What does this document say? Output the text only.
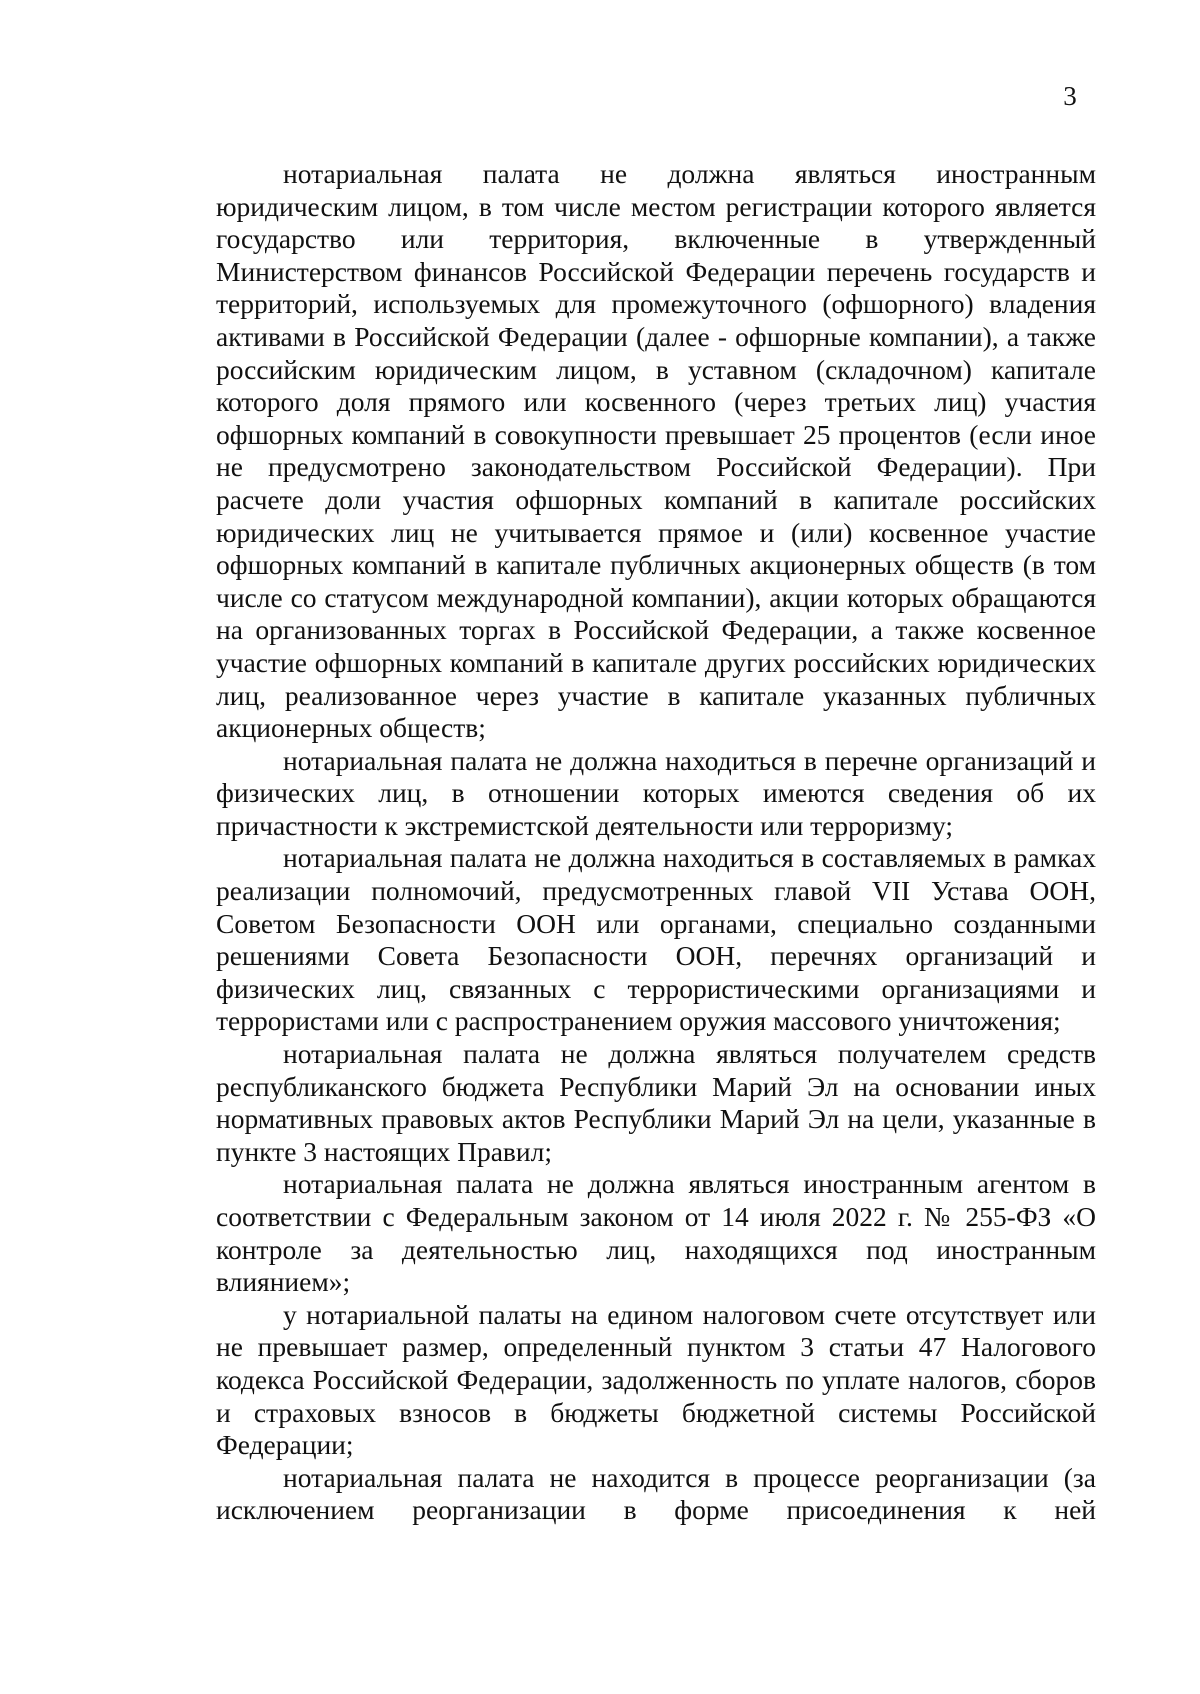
3

нотариальная палата не должна являться иностранным юридическим лицом, в том числе местом регистрации которого является государство или территория, включенные в утвержденный Министерством финансов Российской Федерации перечень государств и территорий, используемых для промежуточного (офшорного) владения активами в Российской Федерации (далее - офшорные компании), а также российским юридическим лицом, в уставном (складочном) капитале которого доля прямого или косвенного (через третьих лиц) участия офшорных компаний в совокупности превышает 25 процентов (если иное не предусмотрено законодательством Российской Федерации). При расчете доли участия офшорных компаний в капитале российских юридических лиц не учитывается прямое и (или) косвенное участие офшорных компаний в капитале публичных акционерных обществ (в том числе со статусом международной компании), акции которых обращаются на организованных торгах в Российской Федерации, а также косвенное участие офшорных компаний в капитале других российских юридических лиц, реализованное через участие в капитале указанных публичных акционерных обществ;

нотариальная палата не должна находиться в перечне организаций и физических лиц, в отношении которых имеются сведения об их причастности к экстремистской деятельности или терроризму;

нотариальная палата не должна находиться в составляемых в рамках реализации полномочий, предусмотренных главой VII Устава ООН, Советом Безопасности ООН или органами, специально созданными решениями Совета Безопасности ООН, перечнях организаций и физических лиц, связанных с террористическими организациями и террористами или с распространением оружия массового уничтожения;

нотариальная палата не должна являться получателем средств республиканского бюджета Республики Марий Эл на основании иных нормативных правовых актов Республики Марий Эл на цели, указанные в пункте 3 настоящих Правил;

нотариальная палата не должна являться иностранным агентом в соответствии с Федеральным законом от 14 июля 2022 г. № 255-ФЗ «О контроле за деятельностью лиц, находящихся под иностранным влиянием»;

у нотариальной палаты на едином налоговом счете отсутствует или не превышает размер, определенный пунктом 3 статьи 47 Налогового кодекса Российской Федерации, задолженность по уплате налогов, сборов и страховых взносов в бюджеты бюджетной системы Российской Федерации;

нотариальная палата не находится в процессе реорганизации (за исключением реорганизации в форме присоединения к ней
